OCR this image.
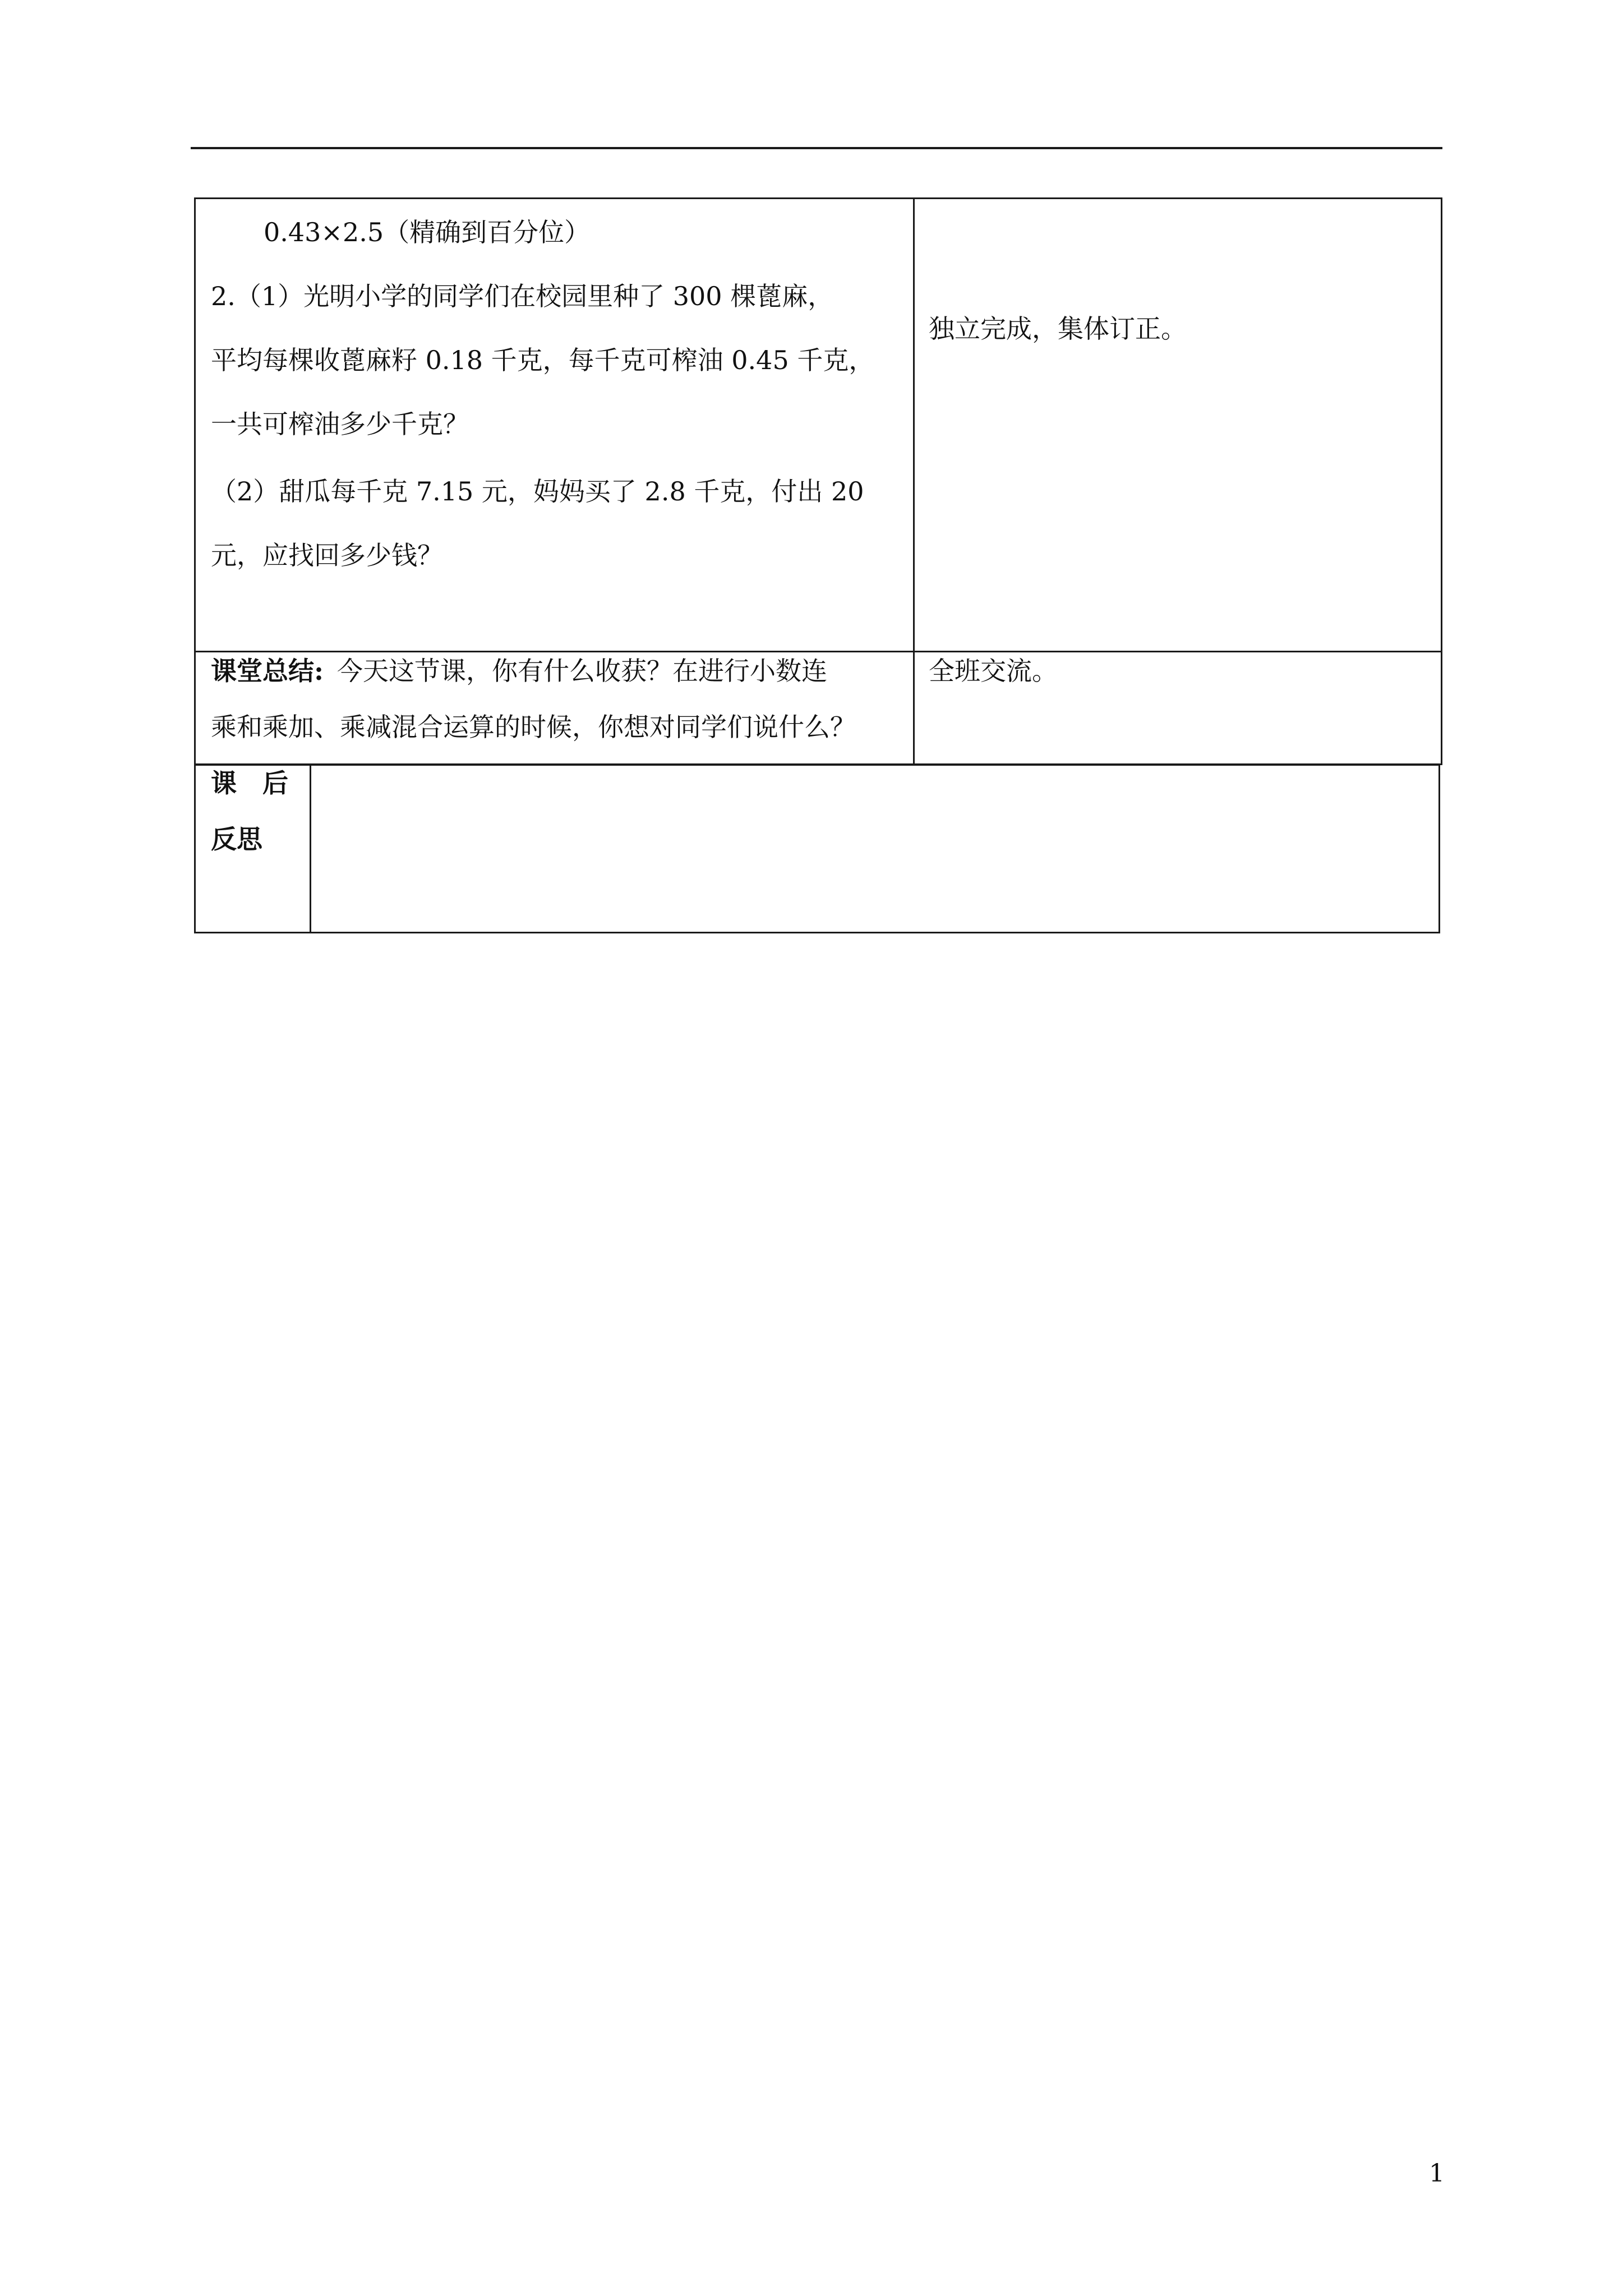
0.43×2.5（精确到百分位）
2.（1）光明小学的同学们在校园里种了 300 棵蓖麻，
平均每棵收蓖麻籽 0.18 千克，每千克可榨油 0.45 千克，
一共可榨油多少千克？
（2）甜瓜每千克 7.15 元，妈妈买了 2.8 千克，付出 20
元，应找回多少钱？
独立完成，集体订正。
课堂总结: 今天这节课，你有什么收获？在进行小数连
乘和乘加、乘减混合运算的时候，你想对同学们说什么？
全班交流。
课　后
反思
1
